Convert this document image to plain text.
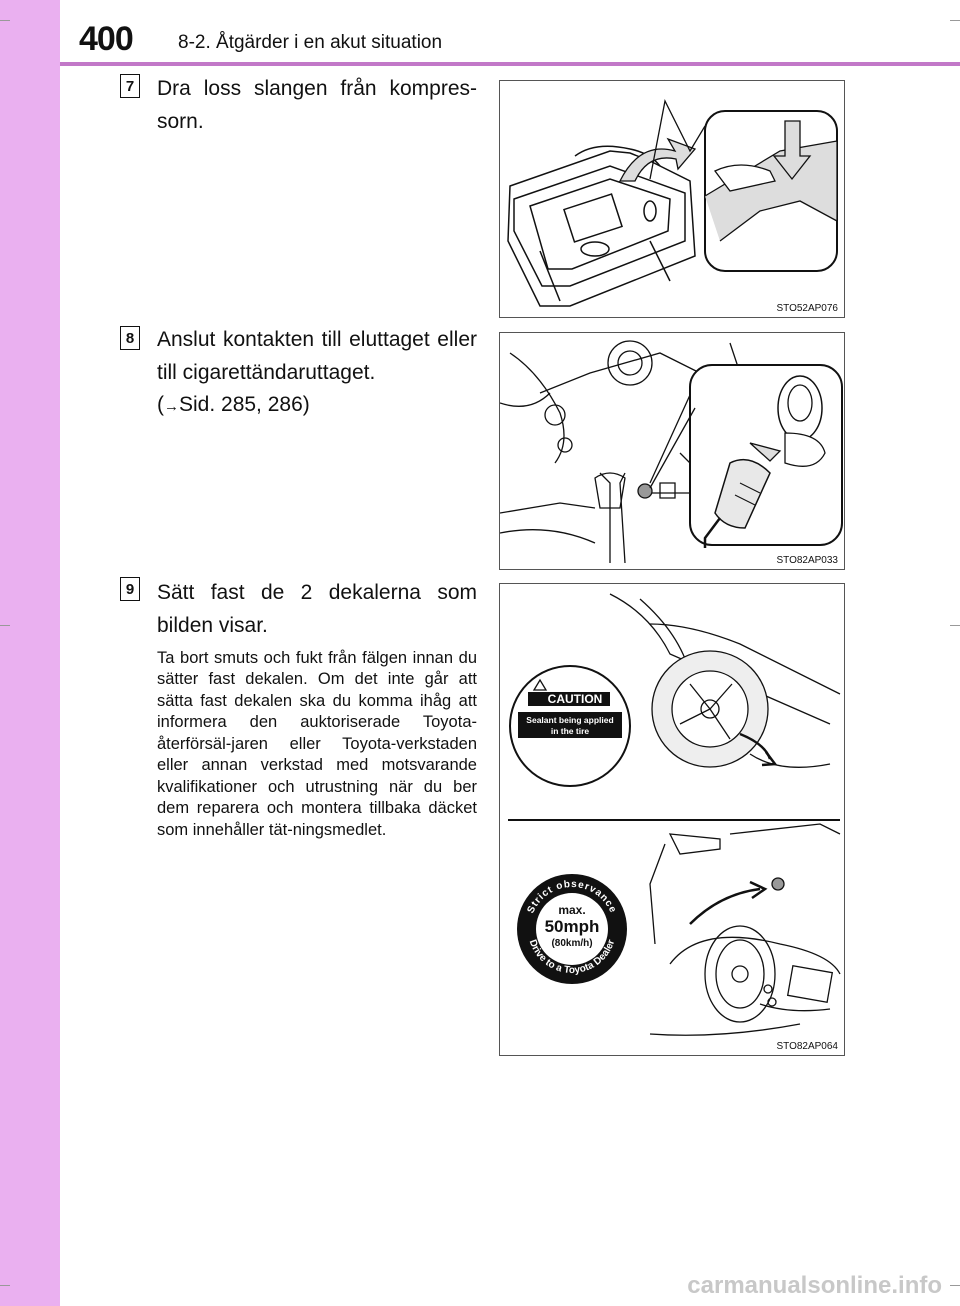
400 8-2. Åtgärder i en akut situation
7 Dra loss slangen från kompres-sorn.
STO52AP076
8 Anslut kontakten till eluttaget eller till cigarettändaruttaget.
(→Sid. 285, 286)
STO82AP033
9 Sätt fast de 2 dekalerna som bilden visar.
Ta bort smuts och fukt från fälgen innan du sätter fast dekalen. Om det inte går att sätta fast dekalen ska du komma ihåg att informera den auktoriserade Toyota-återförsäl-jaren eller Toyota-verkstaden eller annan verkstad med motsvarande kvalifikationer och utrustning när du ber dem reparera och montera tillbaka däcket som innehåller tät-ningsmedlet.
CAUTION
Sealant being applied
in the tire
Strict observance
Drive to a Toyota Dealer
max.
50mph
(80km/h)
STO82AP064
carmanualsonline.info
